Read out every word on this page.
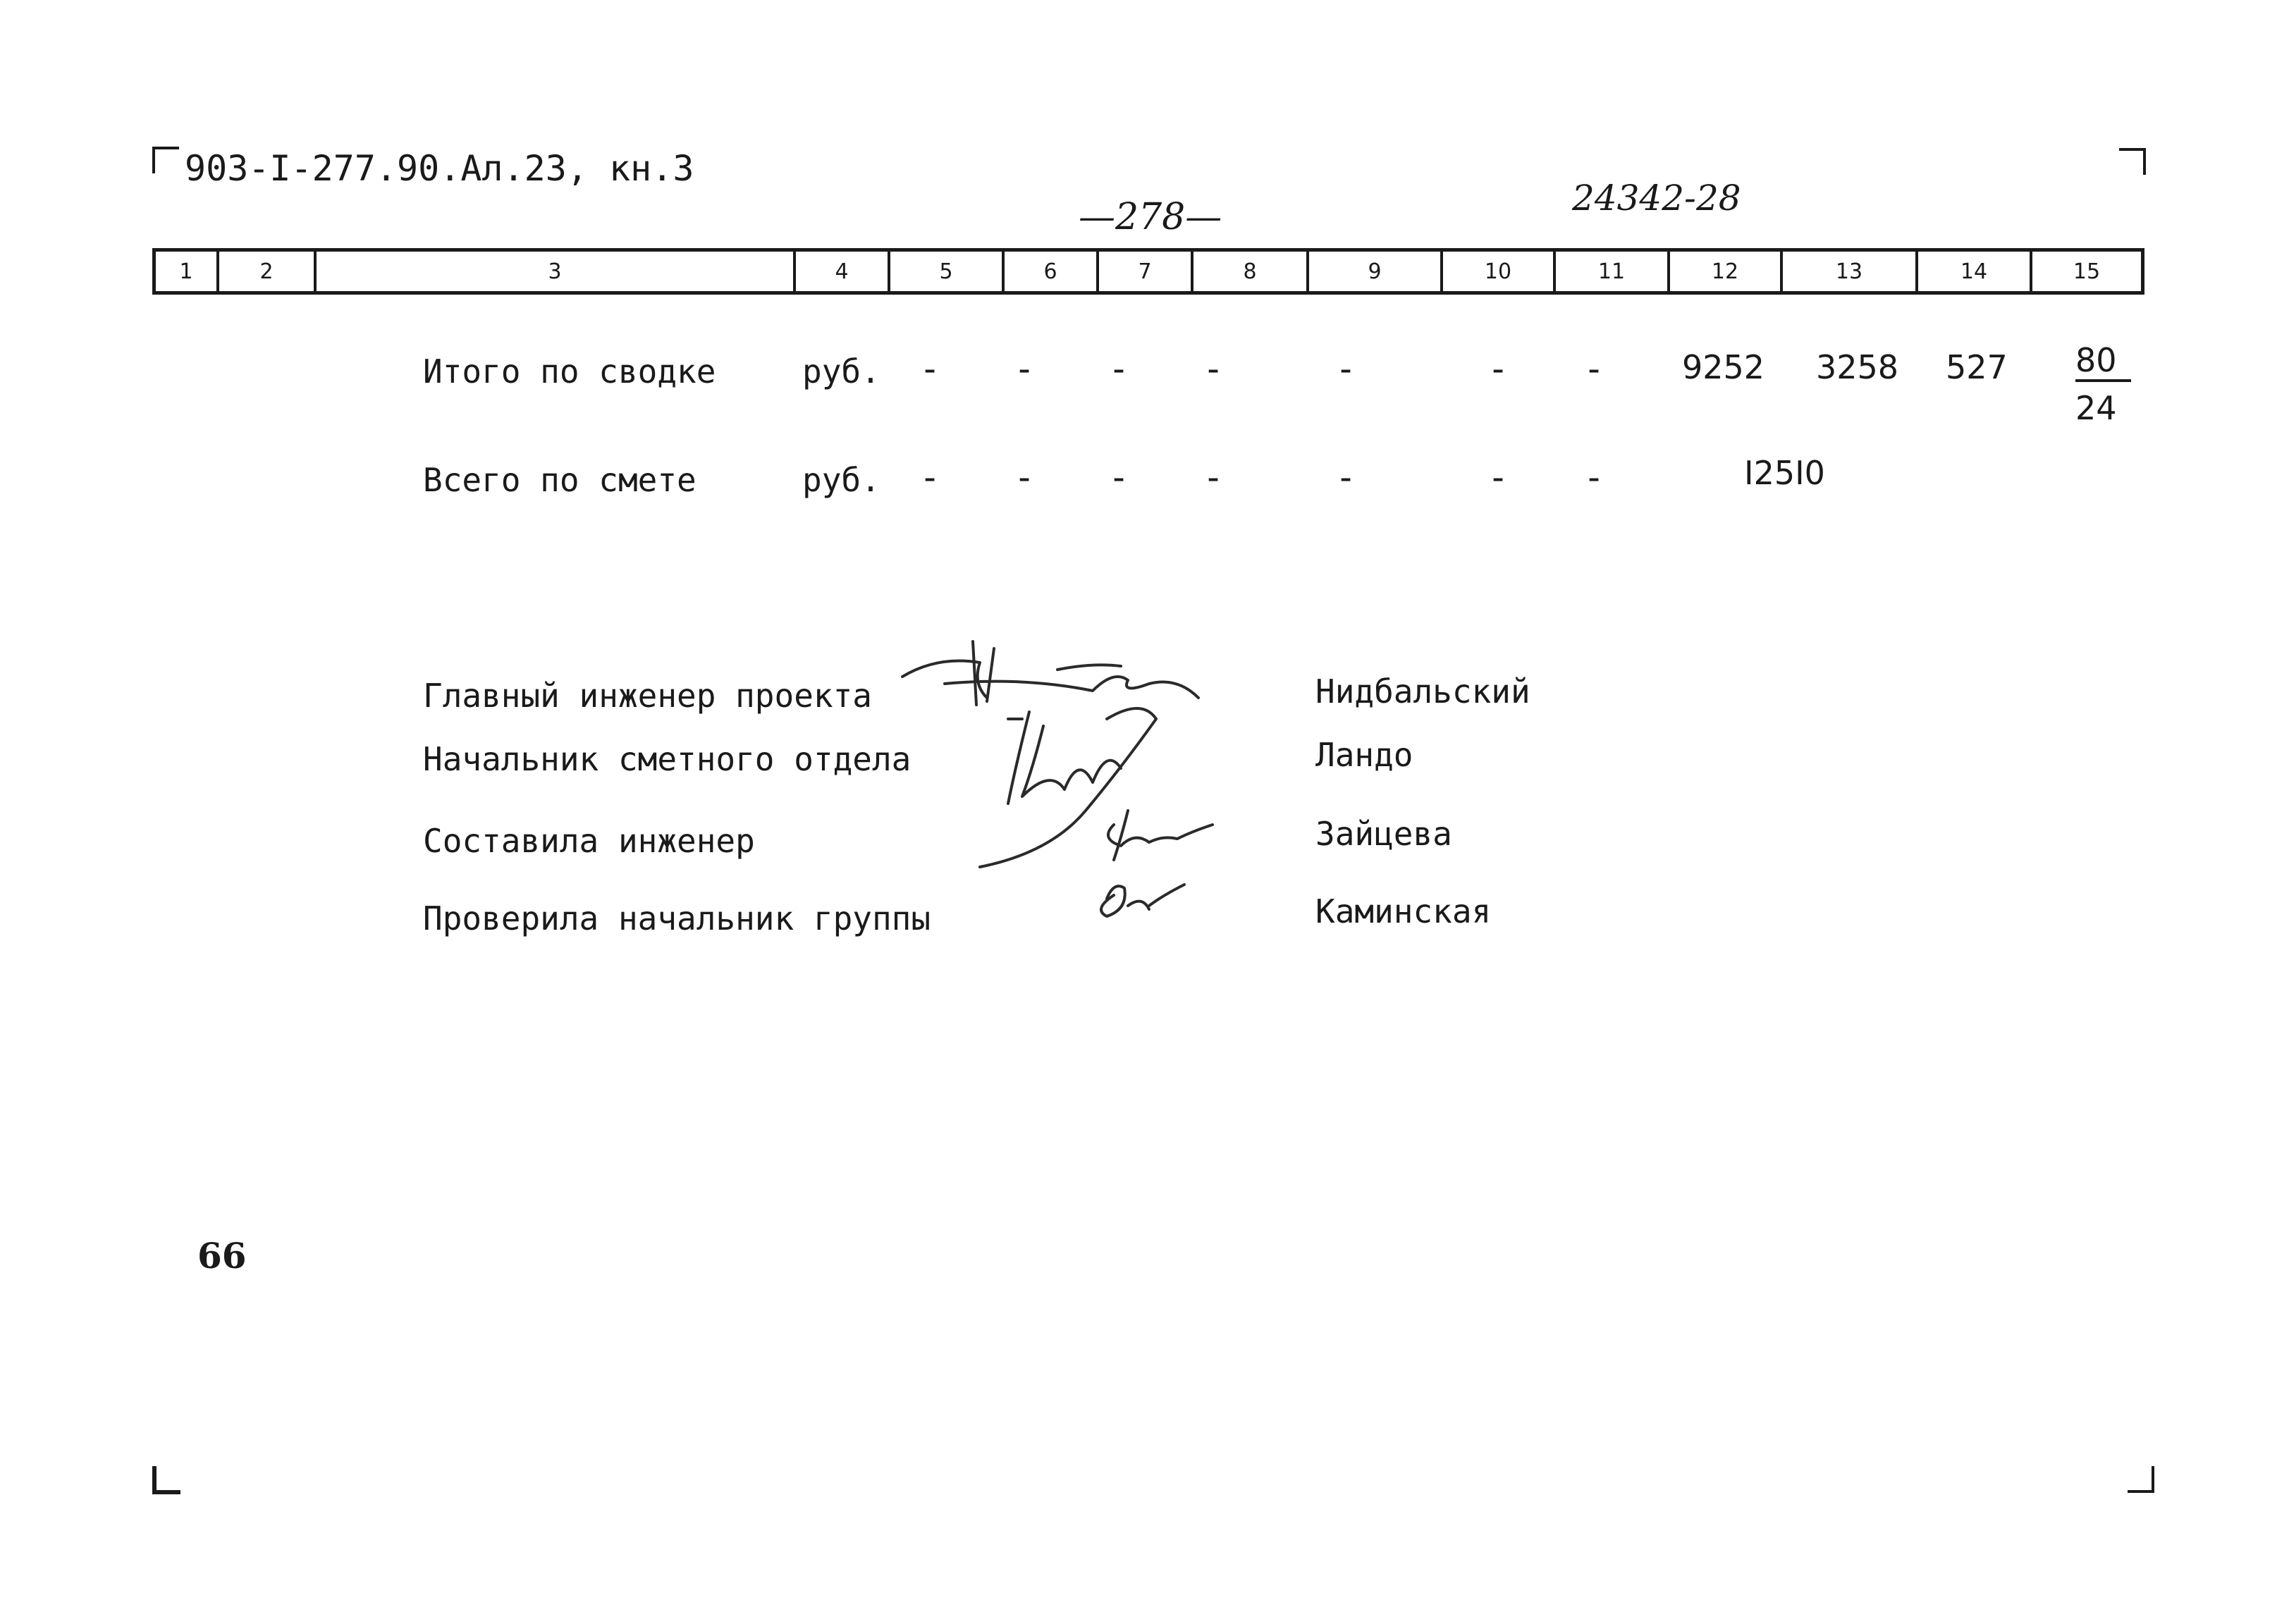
903-I-277.90.Ал.23, кн.3
—278—	24342-28
1	2	3	4	5	6	7	8	9	10	11	12	13	14	15
Итого по сводке	руб. - - - -	-	- - 9252 3258 527 80
24
Всего по смете	руб. - - - -	-	- -	I25I0
Главный инженер проекта	Нидбальский
Начальник сметного отдела	Ландо
Составила инженер	Зайцева
Проверила начальник группы	Каминская
66
